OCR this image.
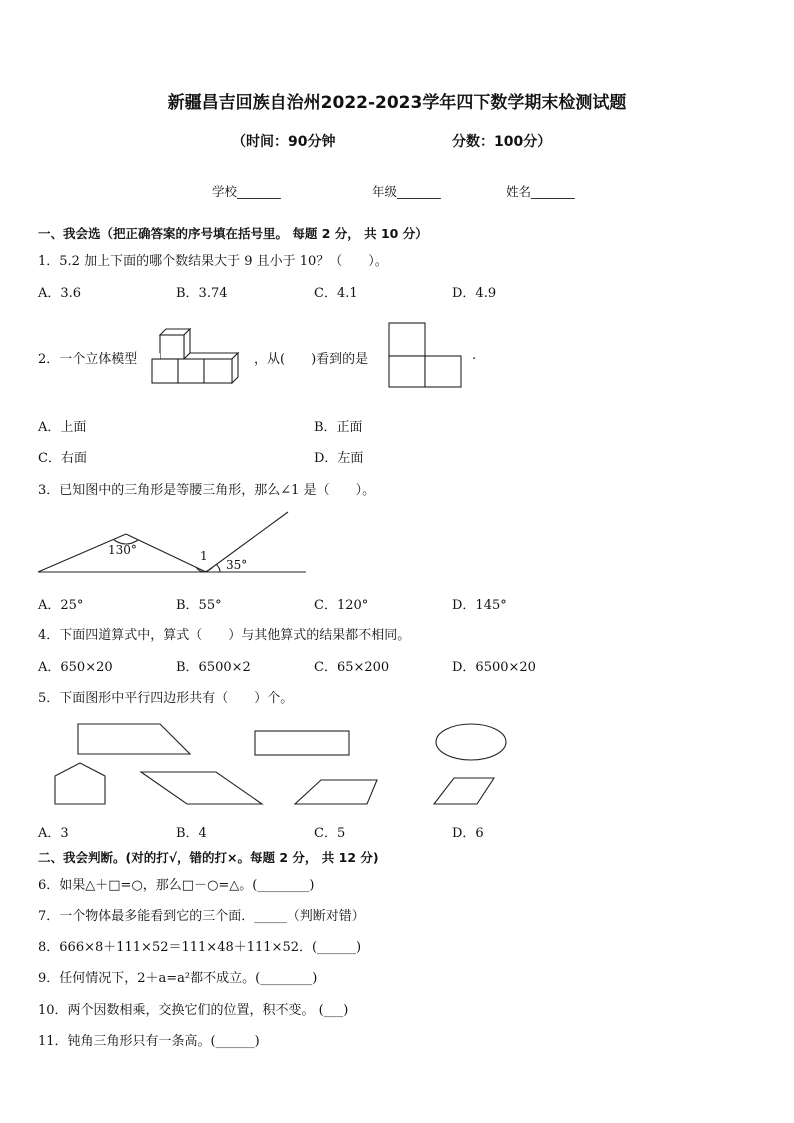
新疆昌吉回族自治州2022-2023学年四下数学期末检测试题
（时间：90分钟	分数：100分）
学校_______	年级_______	姓名_______
一、我会选（把正确答案的序号填在括号里。 每题 2 分， 共 10 分）
1．5.2 加上下面的哪个数结果大于 9 且小于 10？（　　）。
A．3.6	B．3.74	C．4.1	D．4.9
2．一个立体模型	，从(　　)看到的是	.
A．上面	B．正面
C．右面	D．左面
3．已知图中的三角形是等腰三角形，那么∠1 是（　　）。
130°	1
35°
A．25°	B．55°	C．120°	D．145°
4．下面四道算式中，算式（　　）与其他算式的结果都不相同。
A．650×20	B．6500×2	C．65×200	D．6500×20
5．下面图形中平行四边形共有（　　）个。
A．3	B．4	C．5	D．6
二、我会判断。(对的打√，错的打×。每题 2 分， 共 12 分)
6．如果△＋□=○，那么□－○=△。(________)
7．一个物体最多能看到它的三个面．_____（判断对错）
8．666×8＋111×52＝111×48＋111×52．(______)
9．任何情况下，2＋a=a²都不成立。(________)
10．两个因数相乘，交换它们的位置，积不变。 (___)
11．钝角三角形只有一条高。(______)
